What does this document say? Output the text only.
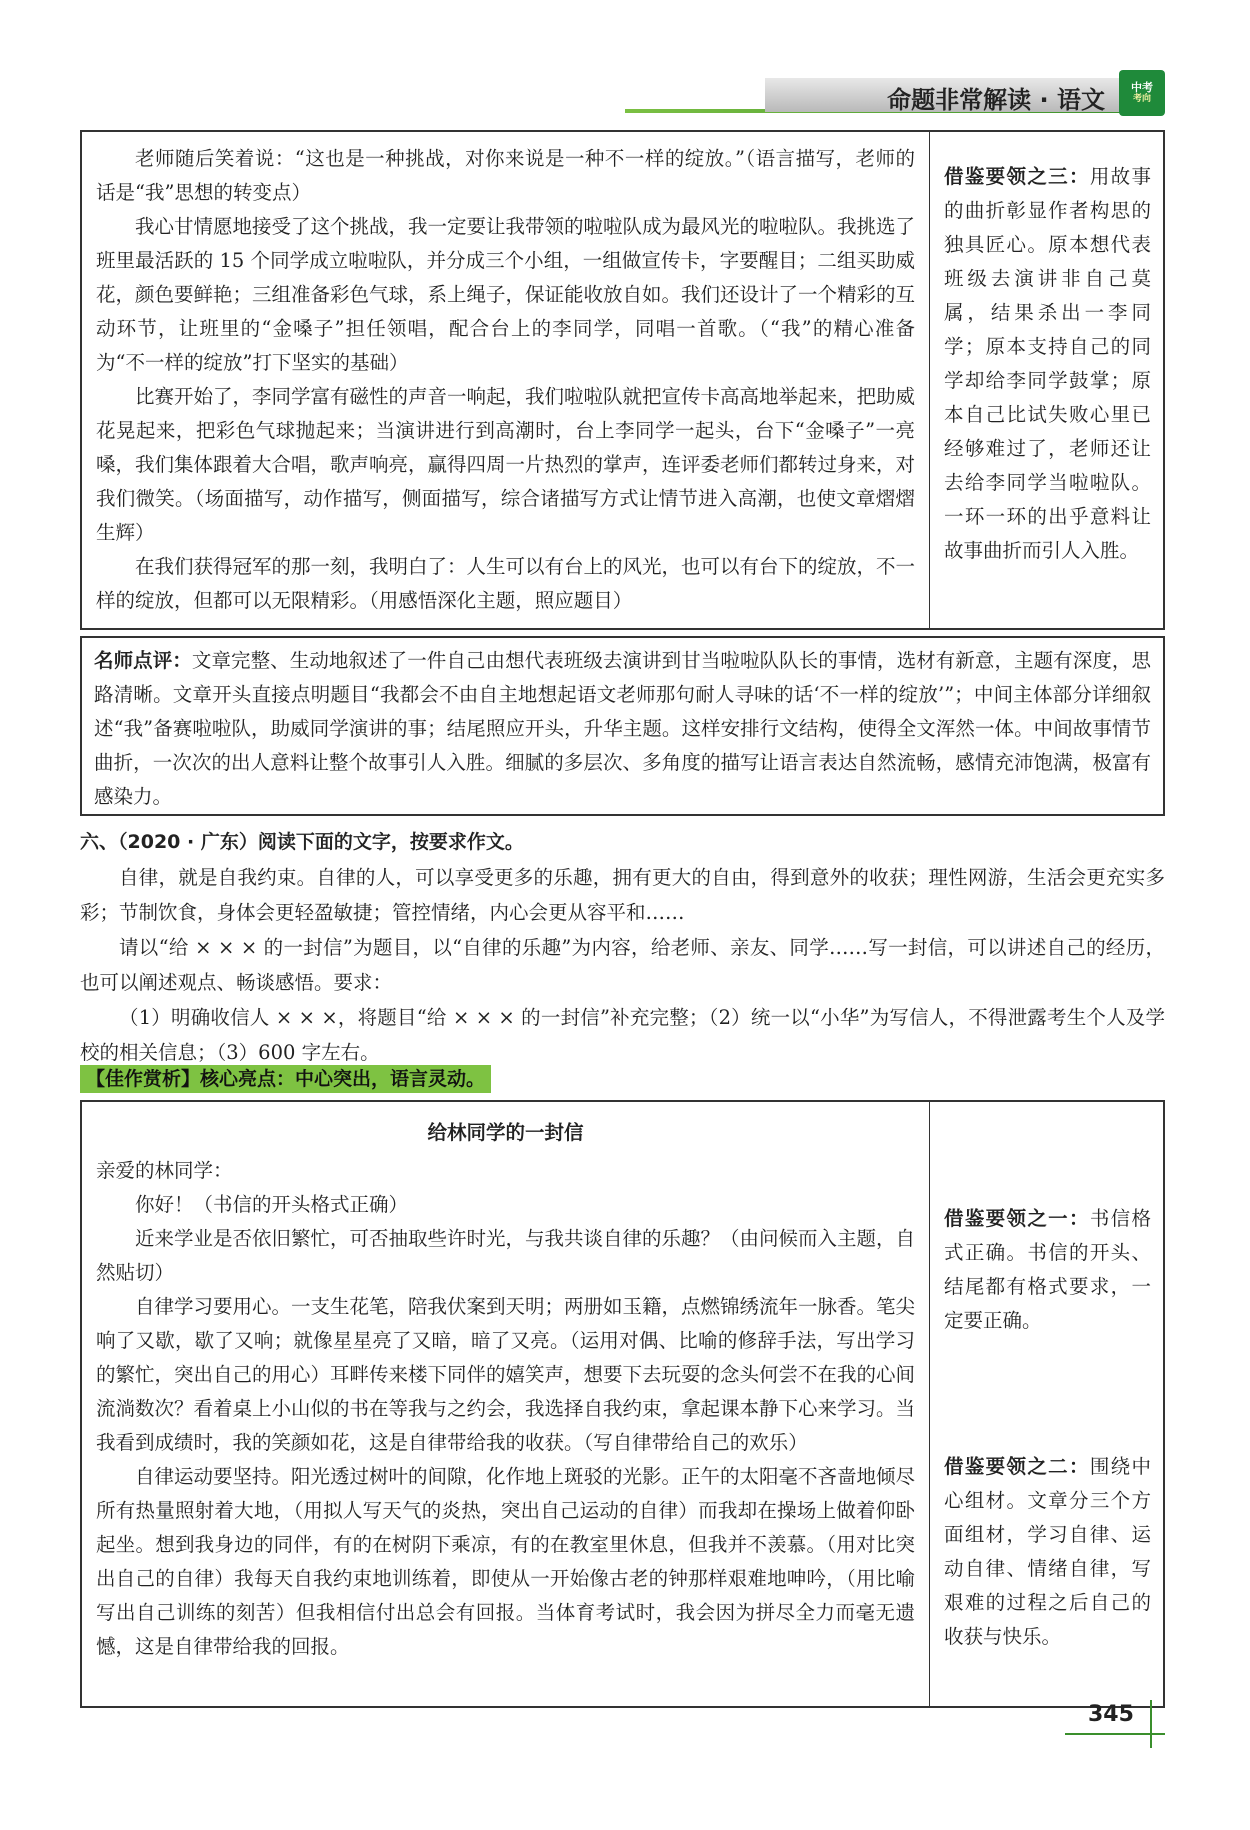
命题非常解读 · 语文 中考
考向

老师随后笑着说：“这也是一种挑战，对你来说是一种不一样的绽放。”（语言描写，老师的话是“我”思想的转变点）

我心甘情愿地接受了这个挑战，我一定要让我带领的啦啦队成为最风光的啦啦队。我挑选了班里最活跃的 15 个同学成立啦啦队，并分成三个小组，一组做宣传卡，字要醒目；二组买助威花，颜色要鲜艳；三组准备彩色气球，系上绳子，保证能收放自如。我们还设计了一个精彩的互动环节，让班里的“金嗓子”担任领唱，配合台上的李同学，同唱一首歌。（“我”的精心准备为“不一样的绽放”打下坚实的基础）

比赛开始了，李同学富有磁性的声音一响起，我们啦啦队就把宣传卡高高地举起来，把助威花晃起来，把彩色气球抛起来；当演讲进行到高潮时，台上李同学一起头，台下“金嗓子”一亮嗓，我们集体跟着大合唱，歌声响亮，赢得四周一片热烈的掌声，连评委老师们都转过身来，对我们微笑。（场面描写，动作描写，侧面描写，综合诸描写方式让情节进入高潮，也使文章熠熠生辉）

在我们获得冠军的那一刻，我明白了：人生可以有台上的风光，也可以有台下的绽放，不一样的绽放，但都可以无限精彩。（用感悟深化主题，照应题目）

借鉴要领之三：用故事的曲折彰显作者构思的独具匠心。原本想代表班级去演讲非自己莫属，结果杀出一李同学；原本支持自己的同学却给李同学鼓掌；原本自己比试失败心里已经够难过了，老师还让去给李同学当啦啦队。一环一环的出乎意料让故事曲折而引人入胜。

名师点评：文章完整、生动地叙述了一件自己由想代表班级去演讲到甘当啦啦队队长的事情，选材有新意，主题有深度，思路清晰。文章开头直接点明题目“我都会不由自主地想起语文老师那句耐人寻味的话‘不一样的绽放’”；中间主体部分详细叙述“我”备赛啦啦队，助威同学演讲的事；结尾照应开头，升华主题。这样安排行文结构，使得全文浑然一体。中间故事情节曲折，一次次的出人意料让整个故事引人入胜。细腻的多层次、多角度的描写让语言表达自然流畅，感情充沛饱满，极富有感染力。

六、（2020 · 广东）阅读下面的文字，按要求作文。

自律，就是自我约束。自律的人，可以享受更多的乐趣，拥有更大的自由，得到意外的收获；理性网游，生活会更充实多彩；节制饮食，身体会更轻盈敏捷；管控情绪，内心会更从容平和……

请以“给 × × × 的一封信”为题目，以“自律的乐趣”为内容，给老师、亲友、同学……写一封信，可以讲述自己的经历，也可以阐述观点、畅谈感悟。要求：

（1）明确收信人 × × ×，将题目“给 × × × 的一封信”补充完整；（2）统一以“小华”为写信人，不得泄露考生个人及学校的相关信息；（3）600 字左右。

【佳作赏析】核心亮点：中心突出，语言灵动。

给林同学的一封信

亲爱的林同学：

你好！（书信的开头格式正确）

近来学业是否依旧繁忙，可否抽取些许时光，与我共谈自律的乐趣？（由问候而入主题，自然贴切）

自律学习要用心。一支生花笔，陪我伏案到天明；两册如玉籍，点燃锦绣流年一脉香。笔尖响了又歇，歇了又响；就像星星亮了又暗，暗了又亮。（运用对偶、比喻的修辞手法，写出学习的繁忙，突出自己的用心）耳畔传来楼下同伴的嬉笑声，想要下去玩耍的念头何尝不在我的心间流淌数次？看着桌上小山似的书在等我与之约会，我选择自我约束，拿起课本静下心来学习。当我看到成绩时，我的笑颜如花，这是自律带给我的收获。（写自律带给自己的欢乐）

自律运动要坚持。阳光透过树叶的间隙，化作地上斑驳的光影。正午的太阳毫不吝啬地倾尽所有热量照射着大地，（用拟人写天气的炎热，突出自己运动的自律）而我却在操场上做着仰卧起坐。想到我身边的同伴，有的在树阴下乘凉，有的在教室里休息，但我并不羡慕。（用对比突出自己的自律）我每天自我约束地训练着，即使从一开始像古老的钟那样艰难地呻吟，（用比喻写出自己训练的刻苦）但我相信付出总会有回报。当体育考试时，我会因为拼尽全力而毫无遗憾，这是自律带给我的回报。

借鉴要领之一：书信格式正确。书信的开头、结尾都有格式要求，一定要正确。

借鉴要领之二：围绕中心组材。文章分三个方面组材，学习自律、运动自律、情绪自律，写艰难的过程之后自己的收获与快乐。

345
